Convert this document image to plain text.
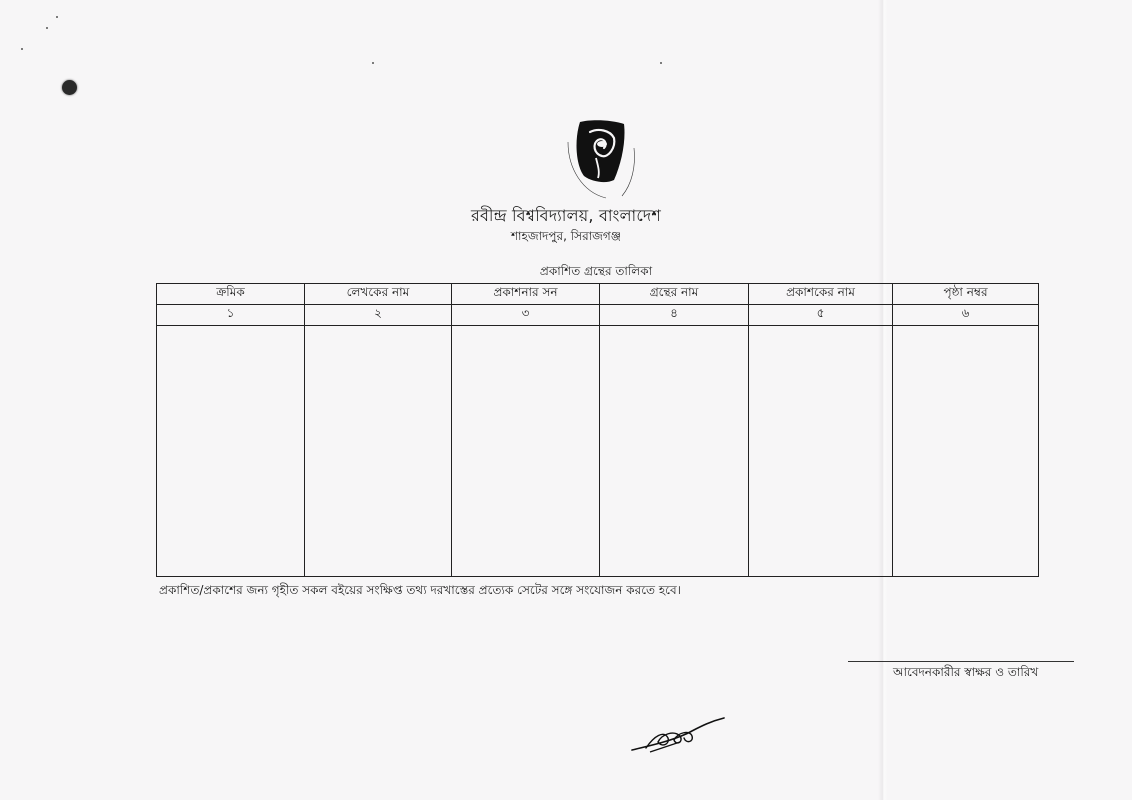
রবীন্দ্র বিশ্ববিদ্যালয়, বাংলাদেশ
শাহজাদপুর, সিরাজগঞ্জ
প্রকাশিত গ্রন্থের তালিকা
ক্রমিক	লেখকের নাম	প্রকাশনার সন	গ্রন্থের নাম	প্রকাশকের নাম	পৃষ্ঠা নম্বর
১	২	৩	৪	৫	৬

প্রকাশিত/প্রকাশের জন্য গৃহীত সকল বইয়ের সংক্ষিপ্ত তথ্য দরখাস্তের প্রত্যেক সেটের সঙ্গে সংযোজন করতে হবে।
আবেদনকারীর স্বাক্ষর ও তারিখ
